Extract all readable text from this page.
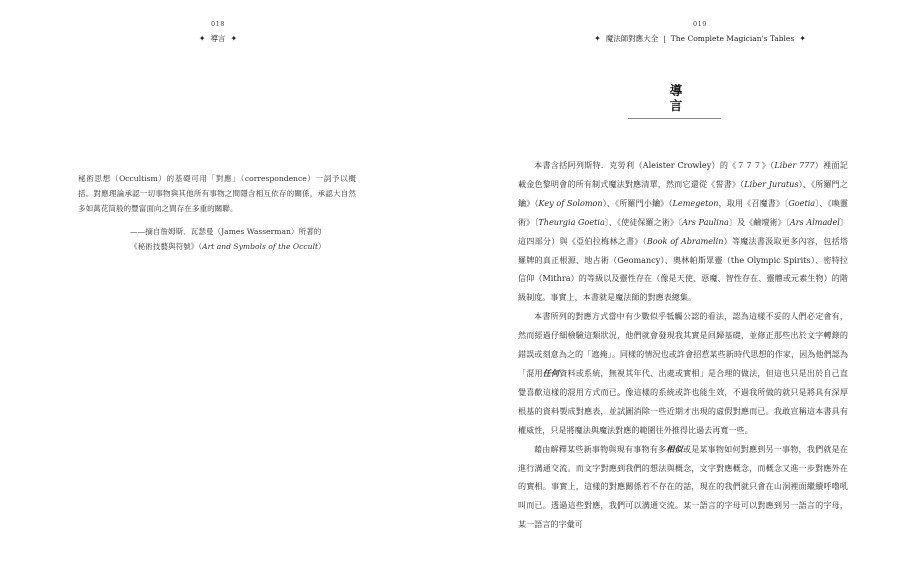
018
✦ 導言 ✦
秘術思想（Occultism）的基礎可用「對應」（correspondence）一詞予以概括。對應理論承認一切事物與其他所有事物之間隱含相互依存的關係，承認大自然多如萬花筒般的豐富面向之間存在多重的關聯。
——摘自詹姆斯．瓦瑟曼（James Wasserman）所著的
《秘術技藝與符號》（Art and Symbols of the Occult）
019
✦ 魔法師對應大全 | The Complete Magician's Tables ✦
導言

本書含括阿列斯特．克勞利（Aleister Crowley）的《７７７》（Liber 777）裡面記載金色黎明會的所有制式魔法對應清單，然而它還從《誓書》（Liber Juratus）、《所羅門之鑰》（Key of Solomon）、《所羅門小鑰》（Lemegeton，取用《召魔書》〔Goetia〕、《喚靈術》〔Theurgia Goetia〕、《使徒保羅之術》〔Ars Paulina〕及《鹼壇術》〔Ars Almadel〕這四部分）與《亞伯拉梅林之書》（Book of Abramelin）等魔法書汲取更多內容，包括塔羅牌的真正根源、地占術（Geomancy）、奧林帕斯眾靈（the Olympic Spirits）、密特拉信仰（Mithra）的等級以及靈性存在（像是天使、惡魔、智性存在、靈體或元素生物）的階級制度。事實上，本書就是魔法師的對應表總集。

本書所列的對應方式當中有少數似乎牴觸公認的看法，認為這樣不妥的人們必定會有，然而經過仔細檢驗這類狀況，他們就會發現我其實是回歸基礎，並修正那些出於文字轉錄的錯誤或刻意為之的「遮掩」。同樣的情況也或許會招惹某些新時代思想的作家，因為他們認為「混用任何資料或系統，無視其年代、出處或實相」是合理的做法，但這也只是出於自己直覺喜歡這樣的混用方式而已。像這樣的系統或許也能生效，不過我所做的就只是將具有深厚根基的資料製成對應表，並試圖消除一些近期才出現的虛假對應而已。我敢宣稱這本書具有權威性，只是將魔法與魔法對應的範圍往外推得比過去再寬一些。

藉由解釋某些新事物與現有事物有多相似或是某事物如何對應到另一事物，我們就是在進行溝通交流。而文字對應到我們的想法與概念，文字對應概念，而概念又進一步對應外在的實相。事實上，這樣的對應關係若不存在的話，現在的我們就只會在山洞裡面繼續呼嚕吼叫而已。透過這些對應，我們可以溝通交流。某一語言的字母可以對應到另一語言的字母，某一語言的字彙可
